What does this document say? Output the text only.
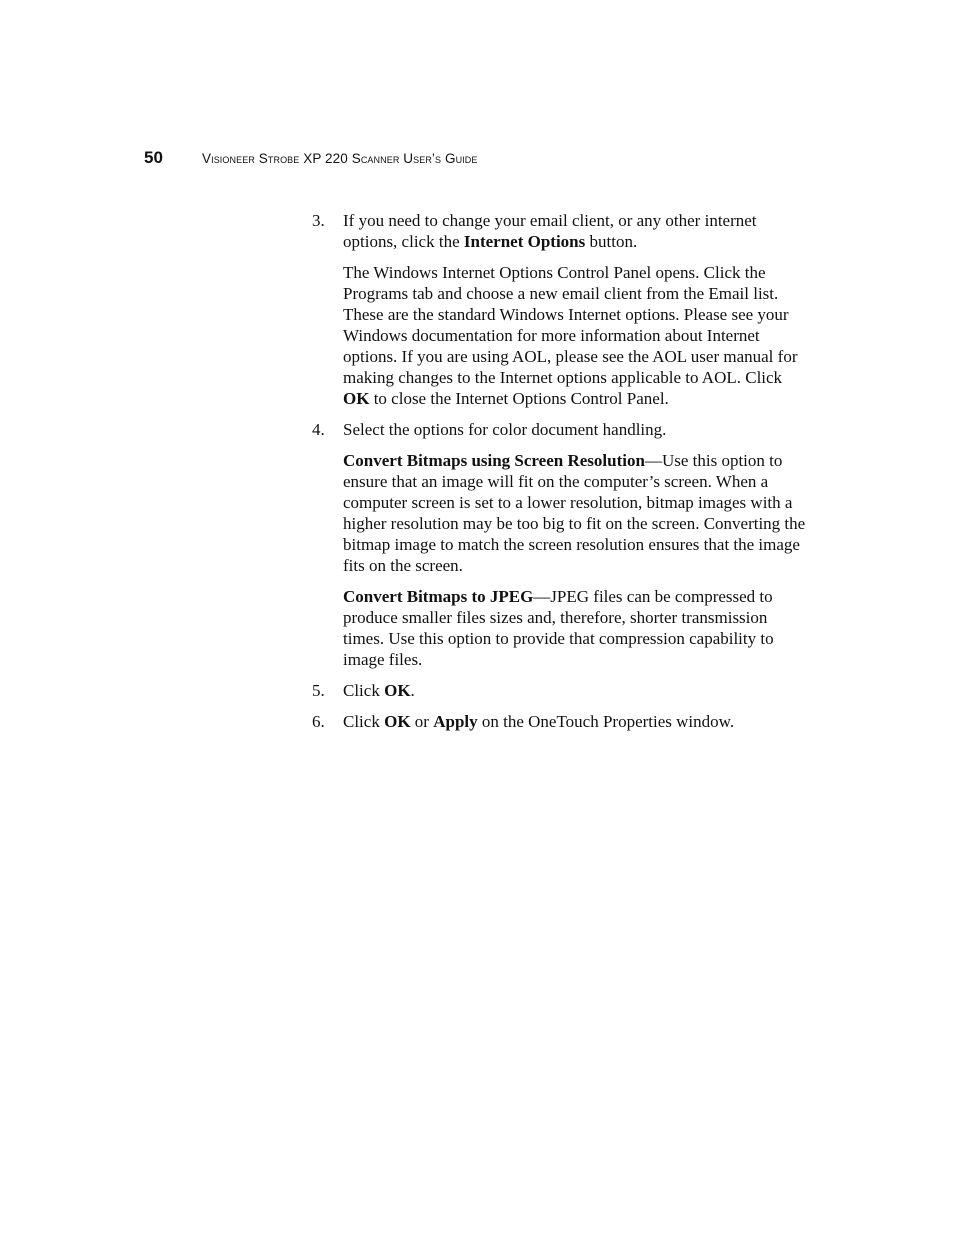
50	Visioneer Strobe XP 220 Scanner User’s Guide
3. If you need to change your email client, or any other internet options, click the Internet Options button.

The Windows Internet Options Control Panel opens. Click the Programs tab and choose a new email client from the Email list. These are the standard Windows Internet options. Please see your Windows documentation for more information about Internet options. If you are using AOL, please see the AOL user manual for making changes to the Internet options applicable to AOL. Click OK to close the Internet Options Control Panel.

4. Select the options for color document handling.

Convert Bitmaps using Screen Resolution—Use this option to ensure that an image will fit on the computer’s screen. When a computer screen is set to a lower resolution, bitmap images with a higher resolution may be too big to fit on the screen. Converting the bitmap image to match the screen resolution ensures that the image fits on the screen.

Convert Bitmaps to JPEG—JPEG files can be compressed to produce smaller files sizes and, therefore, shorter transmission times. Use this option to provide that compression capability to image files.

5. Click OK.
6. Click OK or Apply on the OneTouch Properties window.
